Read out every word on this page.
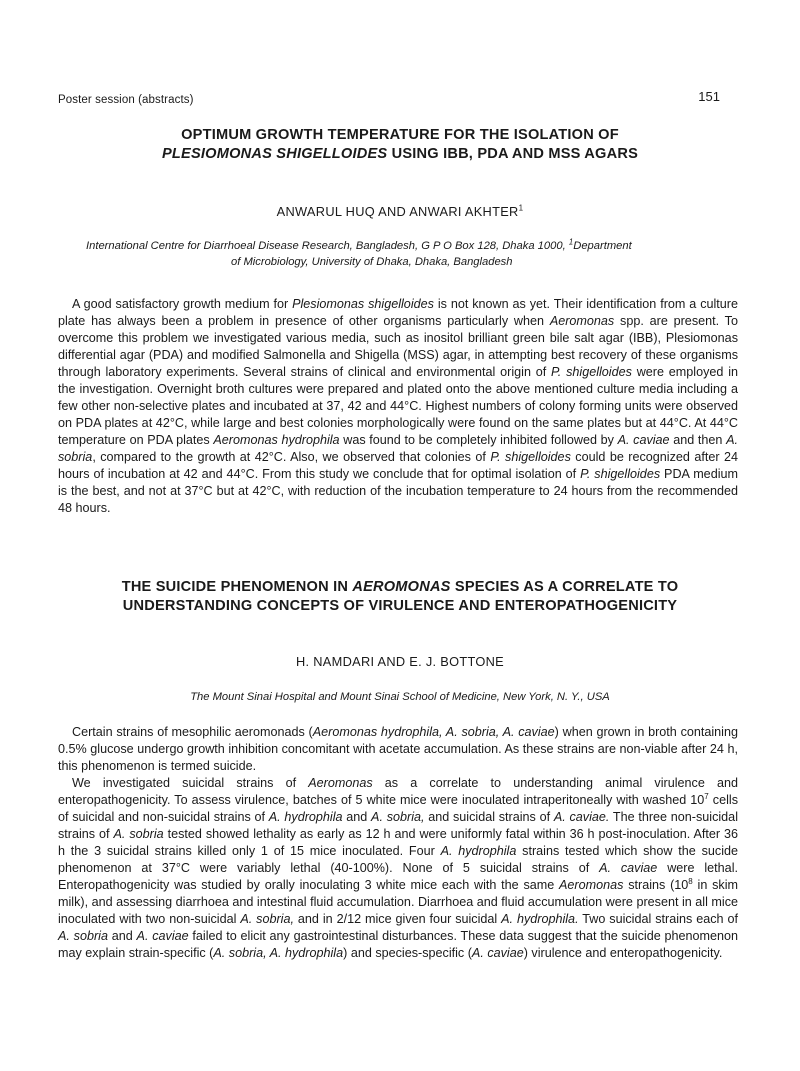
Poster session (abstracts)	151
OPTIMUM GROWTH TEMPERATURE FOR THE ISOLATION OF
PLESIOMONAS SHIGELLOIDES USING IBB, PDA AND MSS AGARS
ANWARUL HUQ AND ANWARI AKHTER$^1$
International Centre for Diarrhoeal Disease Research, Bangladesh, G P O Box 128, Dhaka 1000, $^1$Department
of Microbiology, University of Dhaka, Dhaka, Bangladesh

A good satisfactory growth medium for Plesiomonas shigelloides is not known as yet. Their identification from a culture plate has always been a problem in presence of other organisms particularly when Aeromonas spp. are present. To overcome this problem we investigated various media, such as inositol brilliant green bile salt agar (IBB), Plesiomonas differential agar (PDA) and modified Salmonella and Shigella (MSS) agar, in attempting best recovery of these organisms through laboratory experiments. Several strains of clinical and environmental origin of P. shigelloides were employed in the investigation. Overnight broth cultures were prepared and plated onto the above mentioned culture media including a few other non-selective plates and incubated at 37, 42 and 44°C. Highest numbers of colony forming units were observed on PDA plates at 42°C, while large and best colonies morphologically were found on the same plates but at 44°C. At 44°C temperature on PDA plates Aeromonas hydrophila was found to be completely inhibited followed by A. caviae and then A. sobria, compared to the growth at 42°C. Also, we observed that colonies of P. shigelloides could be recognized after 24 hours of incubation at 42 and 44°C. From this study we conclude that for optimal isolation of P. shigelloides PDA medium is the best, and not at 37°C but at 42°C, with reduction of the incubation temperature to 24 hours from the recommended 48 hours.

THE SUICIDE PHENOMENON IN AEROMONAS SPECIES AS A CORRELATE TO
UNDERSTANDING CONCEPTS OF VIRULENCE AND ENTEROPATHOGENICITY
H. NAMDARI AND E. J. BOTTONE
The Mount Sinai Hospital and Mount Sinai School of Medicine, New York, N. Y., USA

Certain strains of mesophilic aeromonads (Aeromonas hydrophila, A. sobria, A. caviae) when grown in broth containing 0.5% glucose undergo growth inhibition concomitant with acetate accumulation. As these strains are non-viable after 24 h, this phenomenon is termed suicide.

We investigated suicidal strains of Aeromonas as a correlate to understanding animal virulence and enteropathogenicity. To assess virulence, batches of 5 white mice were inoculated intraperitoneally with washed $10^7$ cells of suicidal and non-suicidal strains of A. hydrophila and A. sobria, and suicidal strains of A. caviae. The three non-suicidal strains of A. sobria tested showed lethality as early as 12 h and were uniformly fatal within 36 h post-inoculation. After 36 h the 3 suicidal strains killed only 1 of 15 mice inoculated. Four A. hydrophila strains tested which show the sucide phenomenon at 37°C were variably lethal (40-100%). None of 5 suicidal strains of A. caviae were lethal. Enteropathogenicity was studied by orally inoculating 3 white mice each with the same Aeromonas strains ($10^8$ in skim milk), and assessing diarrhoea and intestinal fluid accumulation. Diarrhoea and fluid accumulation were present in all mice inoculated with two non-suicidal A. sobria, and in 2/12 mice given four suicidal A. hydrophila. Two suicidal strains each of A. sobria and A. caviae failed to elicit any gastrointestinal disturbances. These data suggest that the suicide phenomenon may explain strain-specific (A. sobria, A. hydrophila) and species-specific (A. caviae) virulence and enteropathogenicity.
